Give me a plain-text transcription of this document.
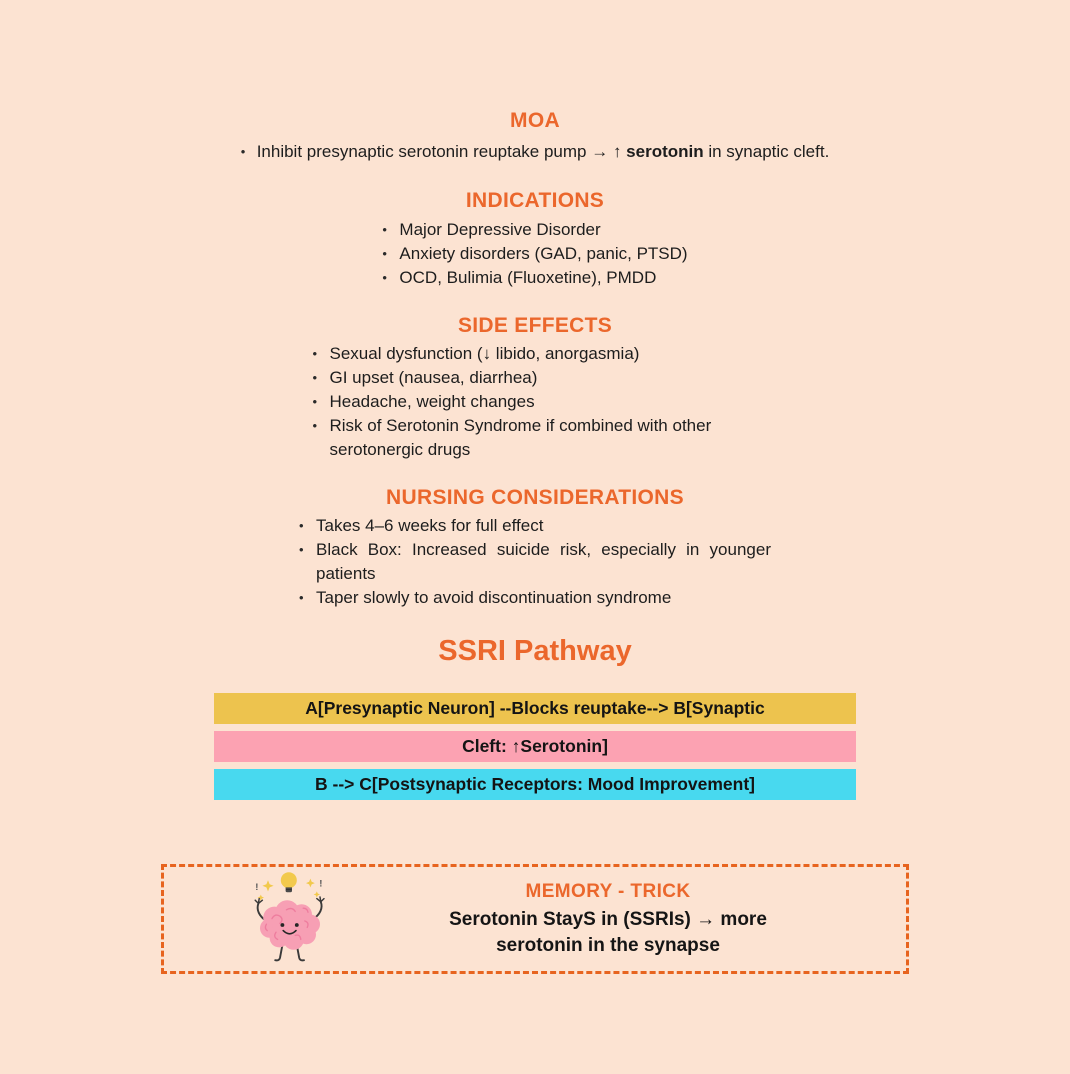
MOA
• Inhibit presynaptic serotonin reuptake pump → ↑ serotonin in synaptic cleft.
INDICATIONS
• Major Depressive Disorder
• Anxiety disorders (GAD, panic, PTSD)
• OCD, Bulimia (Fluoxetine), PMDD
SIDE EFFECTS
• Sexual dysfunction (↓ libido, anorgasmia)
• GI upset (nausea, diarrhea)
• Headache, weight changes
• Risk of Serotonin Syndrome if combined with other serotonergic drugs
NURSING CONSIDERATIONS
• Takes 4–6 weeks for full effect
• Black Box: Increased suicide risk, especially in younger patients
• Taper slowly to avoid discontinuation syndrome
SSRI Pathway
A[Presynaptic Neuron] --Blocks reuptake--> B[Synaptic
Cleft: ↑Serotonin]
B --> C[Postsynaptic Receptors: Mood Improvement]
!	!	MEMORY - TRICK
Serotonin StayS in (SSRIs) → more serotonin in the synapse
